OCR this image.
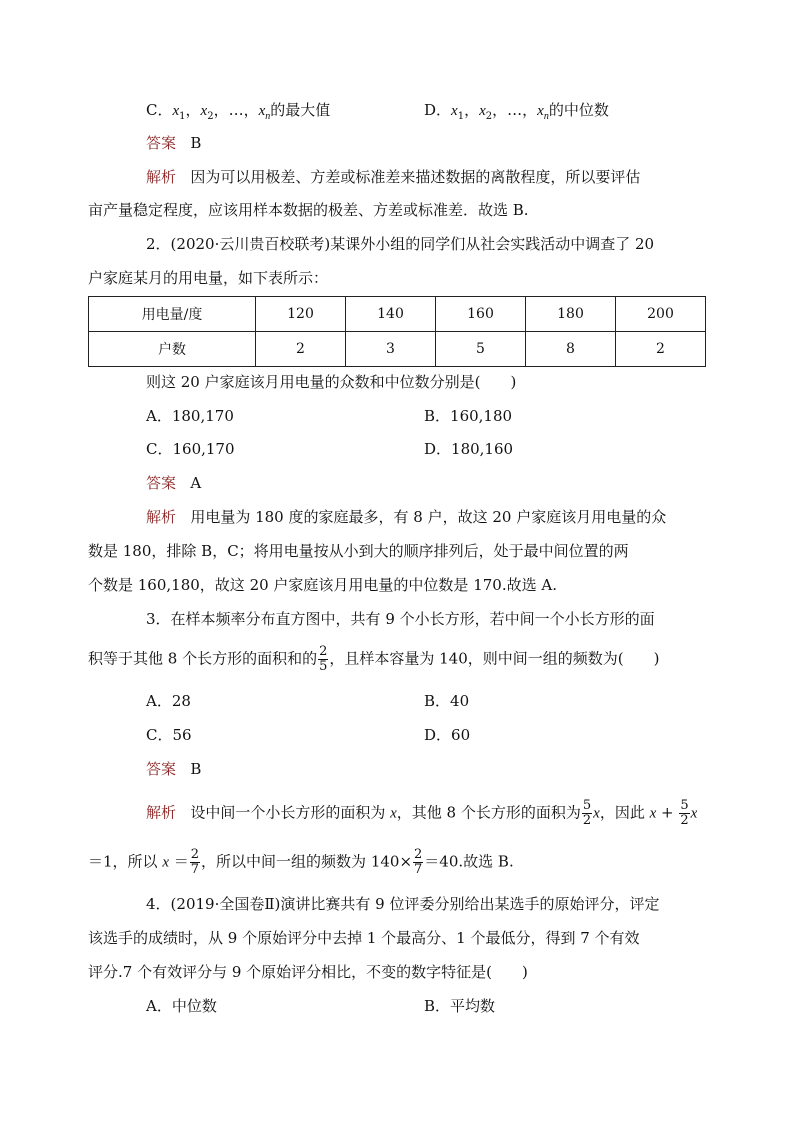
C．$x_1$，$x_2$，…，$x_n$的最大值	D．$x_1$，$x_2$，…，$x_n$的中位数
答案 B
解析 因为可以用极差、方差或标准差来描述数据的离散程度，所以要评估
亩产量稳定程度，应该用样本数据的极差、方差或标准差．故选 B.
2．(2020·云川贵百校联考)某课外小组的同学们从社会实践活动中调查了 20
户家庭某月的用电量，如下表所示：
用电量/度	120	140	160	180	200
户数	2	3	5	8	2
则这 20 户家庭该月用电量的众数和中位数分别是(　　)
A．180,170	B．160,180
C．160,170	D．180,160
答案 A
解析 用电量为 180 度的家庭最多，有 8 户，故这 20 户家庭该月用电量的众
数是 180，排除 B，C；将用电量按从小到大的顺序排列后，处于最中间位置的两
个数是 160,180，故这 20 户家庭该月用电量的中位数是 170.故选 A.
3．在样本频率分布直方图中，共有 9 个小长方形，若中间一个小长方形的面
积等于其他 8 个长方形的面积和的 $\frac{2}{5}$ ，且样本容量为 140，则中间一组的频数为(　　)
A．28	B．40
C．56	D．60
答案 B
解析 设中间一个小长方形的面积为 x，其他 8 个长方形的面积为 $\frac{5}{2}$ x，因此 $x + \frac{5}{2}$ x
＝1，所以 $x = \frac{2}{7}$ ，所以中间一组的频数为 $140\times \frac{2}{7} =40$.故选 B.
4．(2019·全国卷Ⅱ)演讲比赛共有 9 位评委分别给出某选手的原始评分，评定
该选手的成绩时，从 9 个原始评分中去掉 1 个最高分、1 个最低分，得到 7 个有效
评分.7 个有效评分与 9 个原始评分相比，不变的数字特征是(　　)
A．中位数	B．平均数
